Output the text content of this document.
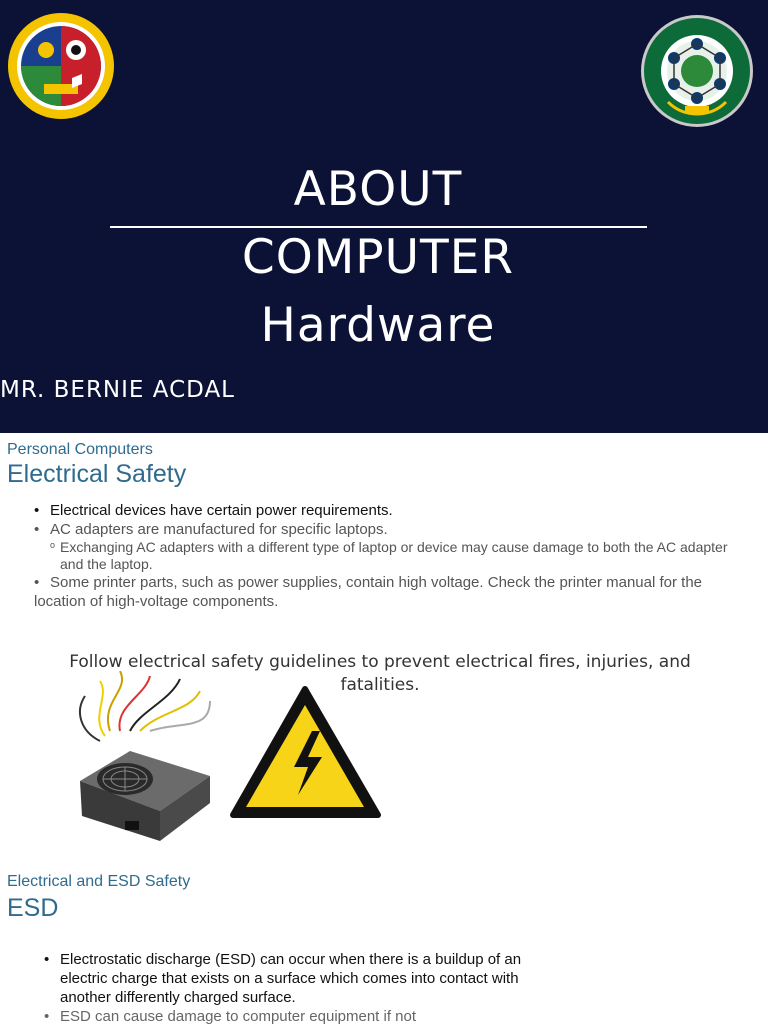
ABOUT
COMPUTER
Hardware
MR. BERNIE ACDAL
Personal Computers
Electrical Safety
• Electrical devices have certain power requirements.
• AC adapters are manufactured for specific laptops.
o Exchanging AC adapters with a different type of laptop or device may cause damage to both the AC adapter and the laptop.
• Some printer parts, such as power supplies, contain high voltage. Check the printer manual for the
location of high-voltage components.
Follow electrical safety guidelines to prevent electrical fires, injuries, and fatalities.
Electrical and ESD Safety
ESD
• Electrostatic discharge (ESD) can occur when there is a buildup of an electric charge that exists on a surface which comes into contact with another differently charged surface.
• ESD can cause damage to computer equipment if not
